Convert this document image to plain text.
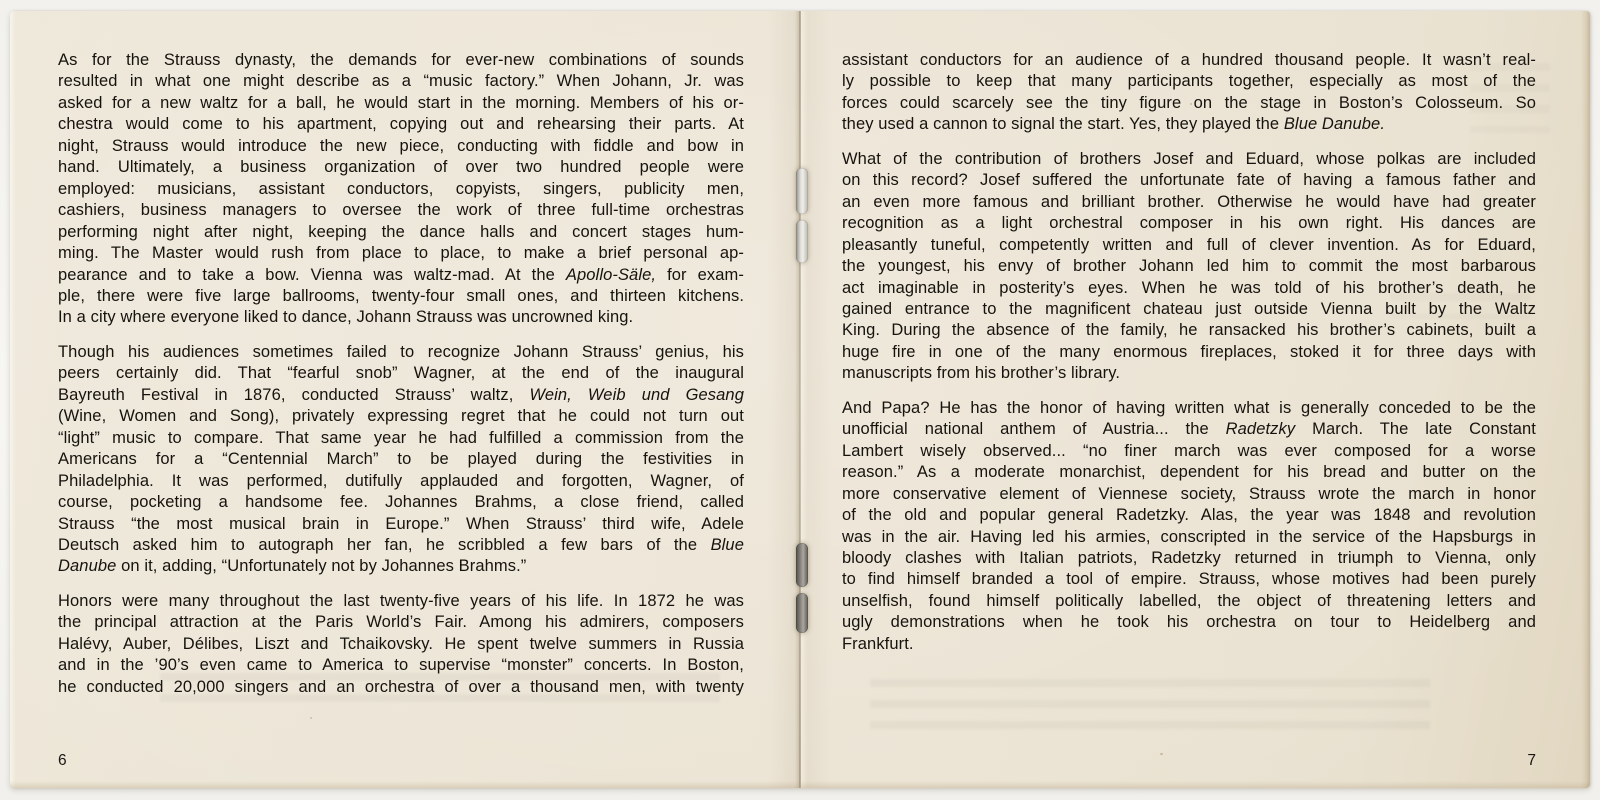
As for the Strauss dynasty, the demands for ever-new combinations of sounds
resulted in what one might describe as a “music factory.” When Johann, Jr. was
asked for a new waltz for a ball, he would start in the morning. Members of his or-
chestra would come to his apartment, copying out and rehearsing their parts. At
night, Strauss would introduce the new piece, conducting with fiddle and bow in
hand. Ultimately, a business organization of over two hundred people were
employed: musicians, assistant conductors, copyists, singers, publicity men,
cashiers, business managers to oversee the work of three full-time orchestras
performing night after night, keeping the dance halls and concert stages hum-
ming. The Master would rush from place to place, to make a brief personal ap-
pearance and to take a bow. Vienna was waltz-mad. At the Apollo-Säle, for exam-
ple, there were five large ballrooms, twenty-four small ones, and thirteen kitchens.
In a city where everyone liked to dance, Johann Strauss was uncrowned king.
Though his audiences sometimes failed to recognize Johann Strauss’ genius, his
peers certainly did. That “fearful snob” Wagner, at the end of the inaugural
Bayreuth Festival in 1876, conducted Strauss’ waltz, Wein, Weib und Gesang
(Wine, Women and Song), privately expressing regret that he could not turn out
“light” music to compare. That same year he had fulfilled a commission from the
Americans for a “Centennial March” to be played during the festivities in
Philadelphia. It was performed, dutifully applauded and forgotten, Wagner, of
course, pocketing a handsome fee. Johannes Brahms, a close friend, called
Strauss “the most musical brain in Europe.” When Strauss’ third wife, Adele
Deutsch asked him to autograph her fan, he scribbled a few bars of the Blue
Danube on it, adding, “Unfortunately not by Johannes Brahms.”
Honors were many throughout the last twenty-five years of his life. In 1872 he was
the principal attraction at the Paris World’s Fair. Among his admirers, composers
Halévy, Auber, Délibes, Liszt and Tchaikovsky. He spent twelve summers in Russia
and in the ’90’s even came to America to supervise “monster” concerts. In Boston,
he conducted 20,000 singers and an orchestra of over a thousand men, with twenty
6
assistant conductors for an audience of a hundred thousand people. It wasn’t real-
ly possible to keep that many participants together, especially as most of the
forces could scarcely see the tiny figure on the stage in Boston’s Colosseum. So
they used a cannon to signal the start. Yes, they played the Blue Danube.
What of the contribution of brothers Josef and Eduard, whose polkas are included
on this record? Josef suffered the unfortunate fate of having a famous father and
an even more famous and brilliant brother. Otherwise he would have had greater
recognition as a light orchestral composer in his own right. His dances are
pleasantly tuneful, competently written and full of clever invention. As for Eduard,
the youngest, his envy of brother Johann led him to commit the most barbarous
act imaginable in posterity’s eyes. When he was told of his brother’s death, he
gained entrance to the magnificent chateau just outside Vienna built by the Waltz
King. During the absence of the family, he ransacked his brother’s cabinets, built a
huge fire in one of the many enormous fireplaces, stoked it for three days with
manuscripts from his brother’s library.
And Papa? He has the honor of having written what is generally conceded to be the
unofficial national anthem of Austria... the Radetzky March. The late Constant
Lambert wisely observed... “no finer march was ever composed for a worse
reason.” As a moderate monarchist, dependent for his bread and butter on the
more conservative element of Viennese society, Strauss wrote the march in honor
of the old and popular general Radetzky. Alas, the year was 1848 and revolution
was in the air. Having led his armies, conscripted in the service of the Hapsburgs in
bloody clashes with Italian patriots, Radetzky returned in triumph to Vienna, only
to find himself branded a tool of empire. Strauss, whose motives had been purely
unselfish, found himself politically labelled, the object of threatening letters and
ugly demonstrations when he took his orchestra on tour to Heidelberg and
Frankfurt.
7
